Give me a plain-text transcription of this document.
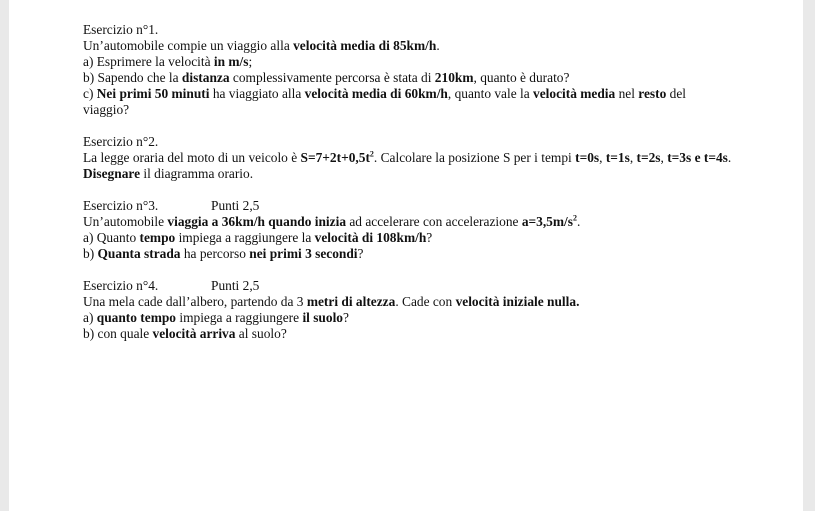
Esercizio n°1.

Un’automobile compie un viaggio alla velocità media di 85km/h.

a) Esprimere la velocità in m/s;

b) Sapendo che la distanza complessivamente percorsa è stata di 210km, quanto è durato?

c) Nei primi 50 minuti ha viaggiato alla velocità media di 60km/h, quanto vale la velocità media nel resto del viaggio?

Esercizio n°2.

La legge oraria del moto di un veicolo è $S=7+2t+0,5t^2$. Calcolare la posizione S per i tempi t=0s, t=1s, t=2s, t=3s e t=4s. Disegnare il diagramma orario.

Esercizio n°3.	Punti 2,5

Un’automobile viaggia a 36km/h quando inizia ad accelerare con accelerazione $a=3,5m/s^2$.

a) Quanto tempo impiega a raggiungere la velocità di 108km/h?

b) Quanta strada ha percorso nei primi 3 secondi?

Esercizio n°4.	Punti 2,5

Una mela cade dall’albero, partendo da 3 metri di altezza. Cade con velocità iniziale nulla.

a) quanto tempo impiega a raggiungere il suolo?

b) con quale velocità arriva al suolo?
